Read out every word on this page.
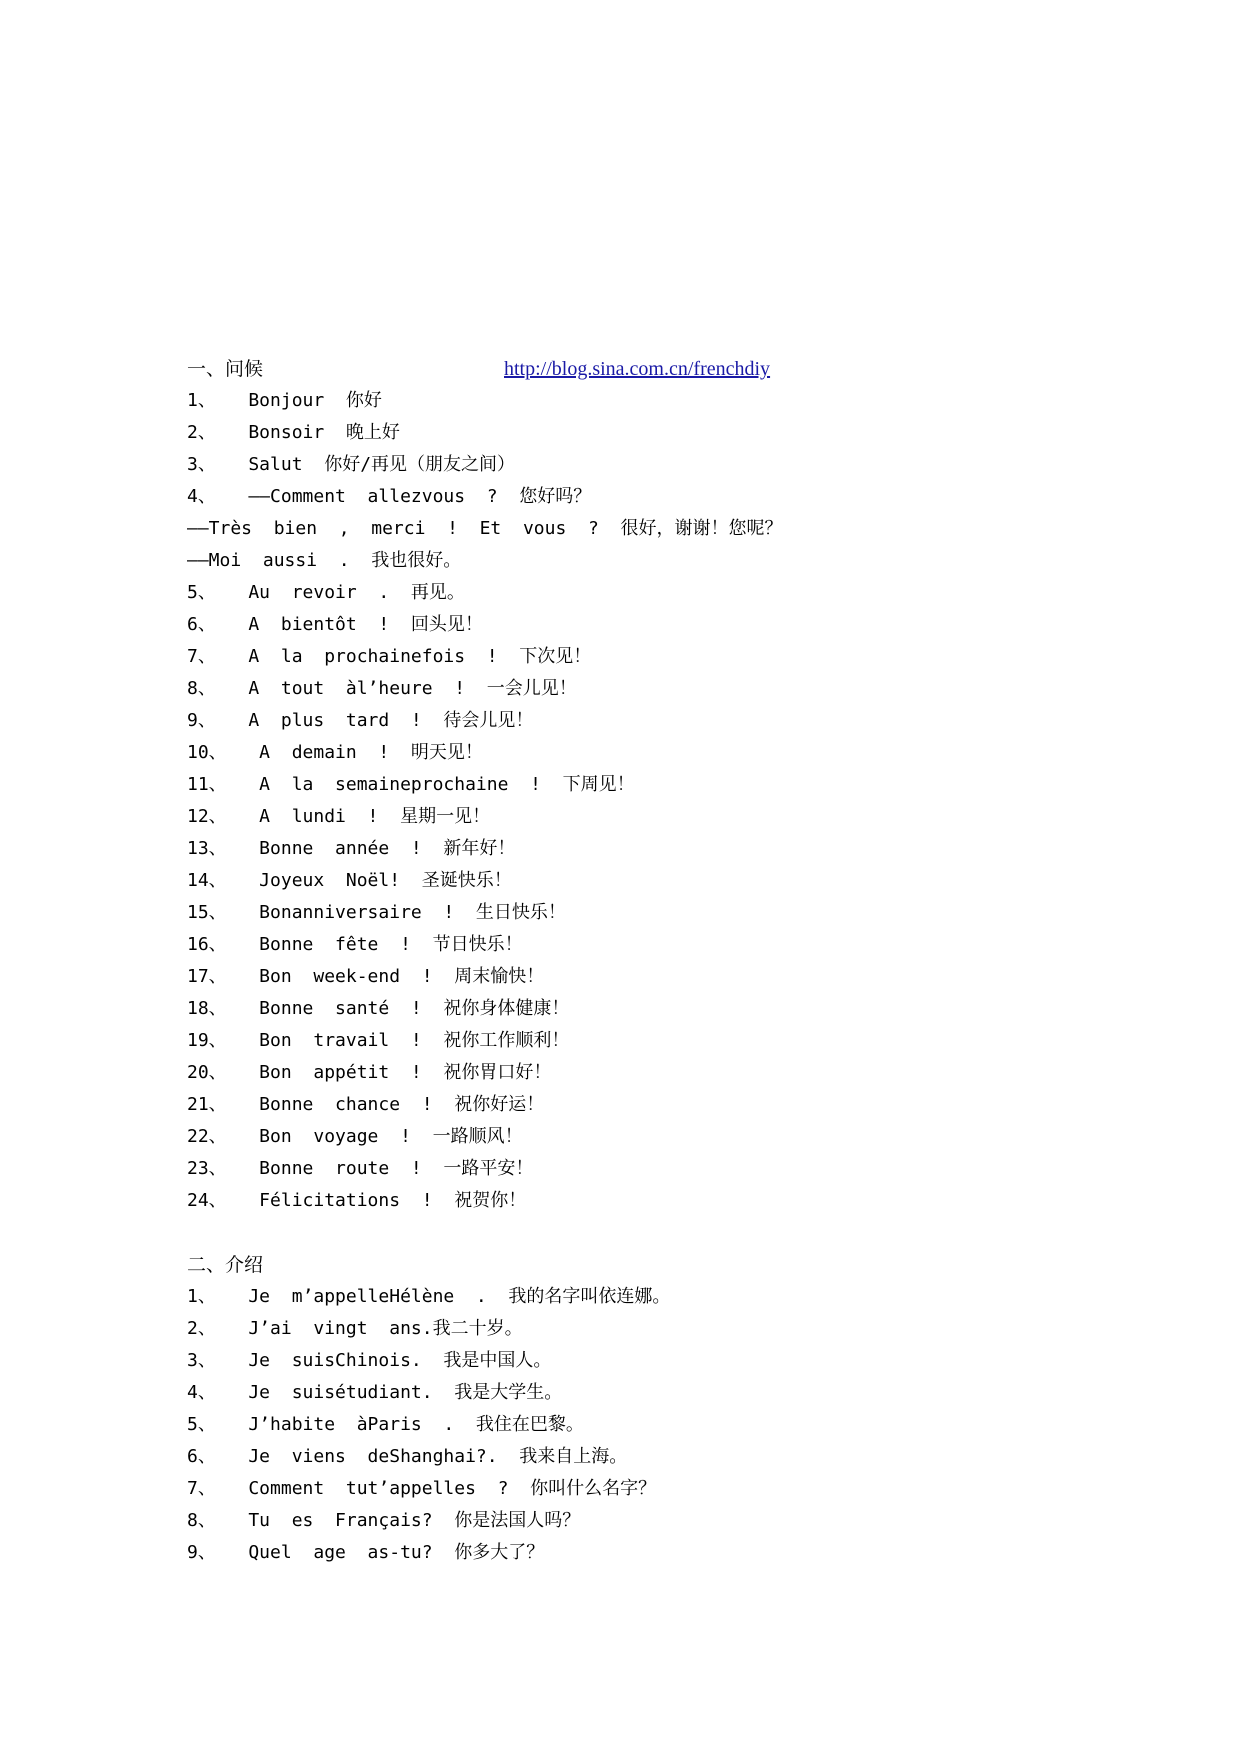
一、问候	http://blog.sina.com.cn/frenchdiy
1、   Bonjour  你好
2、   Bonsoir  晚上好
3、   Salut  你好/再见（朋友之间）
4、   ——Comment  allezvous  ?  您好吗？
——Très  bien  ,  merci  !  Et  vous  ?  很好，谢谢！您呢？
——Moi  aussi  .  我也很好。
5、   Au  revoir  .  再见。
6、   A  bientôt  !  回头见！
7、   A  la  prochainefois  !  下次见！
8、   A  tout  àl’heure  !  一会儿见！
9、   A  plus  tard  !  待会儿见！
10、   A  demain  !  明天见！
11、   A  la  semaineprochaine  !  下周见！
12、   A  lundi  !  星期一见！
13、   Bonne  année  !  新年好！
14、   Joyeux  Noël!  圣诞快乐！
15、   Bonanniversaire  !  生日快乐！
16、   Bonne  fête  !  节日快乐！
17、   Bon  week-end  !  周末愉快！
18、   Bonne  santé  !  祝你身体健康！
19、   Bon  travail  !  祝你工作顺利！
20、   Bon  appétit  !  祝你胃口好！
21、   Bonne  chance  !  祝你好运！
22、   Bon  voyage  !  一路顺风！
23、   Bonne  route  !  一路平安！
24、   Félicitations  !  祝贺你！
二、介绍
1、   Je  m’appelleHélène  .  我的名字叫依连娜。
2、   J’ai  vingt  ans.我二十岁。
3、   Je  suisChinois.  我是中国人。
4、   Je  suisétudiant.  我是大学生。
5、   J’habite  àParis  .  我住在巴黎。
6、   Je  viens  deShanghai?.  我来自上海。
7、   Comment  tut’appelles  ?  你叫什么名字？
8、   Tu  es  Français?  你是法国人吗？
9、   Quel  age  as-tu?  你多大了？
